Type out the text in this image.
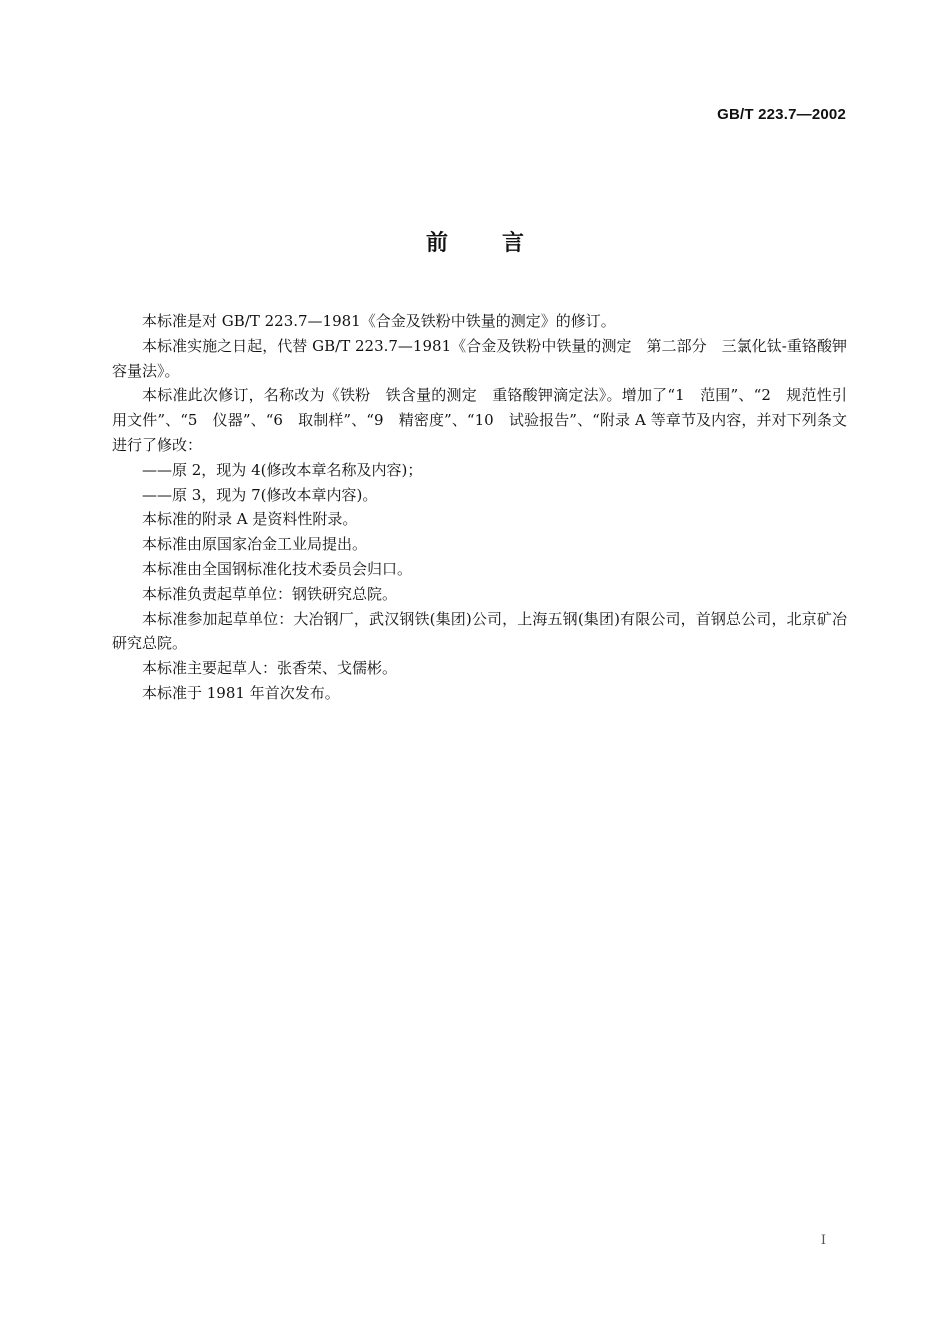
GB/T 223.7—2002
前言

本标准是对 GB/T 223.7—1981《合金及铁粉中铁量的测定》的修订。

本标准实施之日起，代替 GB/T 223.7—1981《合金及铁粉中铁量的测定　第二部分　三氯化钛-重铬酸钾容量法》。

本标准此次修订，名称改为《铁粉　铁含量的测定　重铬酸钾滴定法》。增加了“1　范围”、“2　规范性引用文件”、“5　仪器”、“6　取制样”、“9　精密度”、“10　试验报告”、“附录 A 等章节及内容，并对下列条文进行了修改：

——原 2，现为 4(修改本章名称及内容)；

——原 3，现为 7(修改本章内容)。

本标准的附录 A 是资料性附录。

本标准由原国家冶金工业局提出。

本标准由全国钢标准化技术委员会归口。

本标准负责起草单位：钢铁研究总院。

本标准参加起草单位：大冶钢厂，武汉钢铁(集团)公司，上海五钢(集团)有限公司，首钢总公司，北京矿冶研究总院。

本标准主要起草人：张香荣、戈儒彬。

本标准于 1981 年首次发布。

I
